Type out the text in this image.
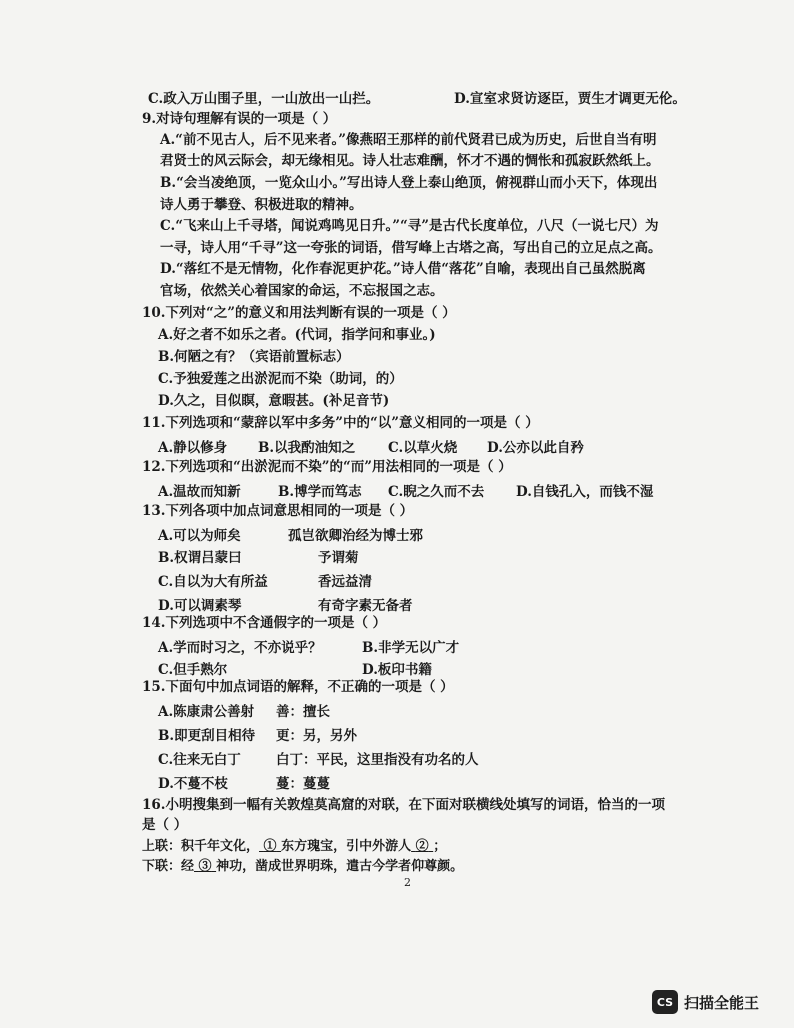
C.政入万山围子里，一山放出一山拦。	D.宣室求贤访逐臣，贾生才调更无伦。
9.对诗句理解有误的一项是（ ）
A.“前不见古人，后不见来者。”像燕昭王那样的前代贤君已成为历史，后世自当有明
君贤士的风云际会，却无缘相见。诗人壮志难酬，怀才不遇的惆怅和孤寂跃然纸上。
B.“会当凌绝顶，一览众山小。”写出诗人登上泰山绝顶，俯视群山而小天下，体现出
诗人勇于攀登、积极进取的精神。
C.“飞来山上千寻塔，闻说鸡鸣见日升。”“寻”是古代长度单位，八尺（一说七尺）为
一寻，诗人用“千寻”这一夸张的词语，借写峰上古塔之高，写出自己的立足点之高。
D.“落红不是无情物，化作春泥更护花。”诗人借“落花”自喻，表现出自己虽然脱离
官场，依然关心着国家的命运，不忘报国之志。
10.下列对“之”的意义和用法判断有误的一项是（ ）
A.好之者不如乐之者。(代词，指学问和事业。)
B.何陋之有？（宾语前置标志）
C.予独爱莲之出淤泥而不染（助词，的）
D.久之，目似瞑，意暇甚。(补足音节)
11.下列选项和“蒙辞以军中多务”中的“以”意义相同的一项是（ ）
A.静以修身 B.以我酌油知之 C.以草火烧 D.公亦以此自矜
12.下列选项和“出淤泥而不染”的“而”用法相同的一项是（ ）
A.温故而知新	B.博学而笃志 C.睨之久而不去 D.自钱孔入，而钱不湿
13.下列各项中加点词意思相同的一项是（ ）
A.可以为师矣	孤岂欲卿治经为博士邪
B.权谓吕蒙曰	予谓菊
C.自以为大有所益	香远益清
D.可以调素琴	有奇字素无备者
14.下列选项中不含通假字的一项是（ ）
A.学而时习之，不亦说乎？	B.非学无以广才
C.但手熟尔	D.板印书籍
15.下面句中加点词语的解释，不正确的一项是（ ）
A.陈康肃公善射 善：擅长
B.即更刮目相待 更：另，另外
C.往来无白丁	白丁：平民，这里指没有功名的人
D.不蔓不枝	蔓：蔓蔓
16.小明搜集到一幅有关敦煌莫高窟的对联，在下面对联横线处填写的词语，恰当的一项
是（ ）
上联：积千年文化， ① 东方瑰宝，引中外游人 ② ；
下联：经 ③ 神功，凿成世界明珠，遣古今学者仰尊颜。
2
CS 扫描全能王
